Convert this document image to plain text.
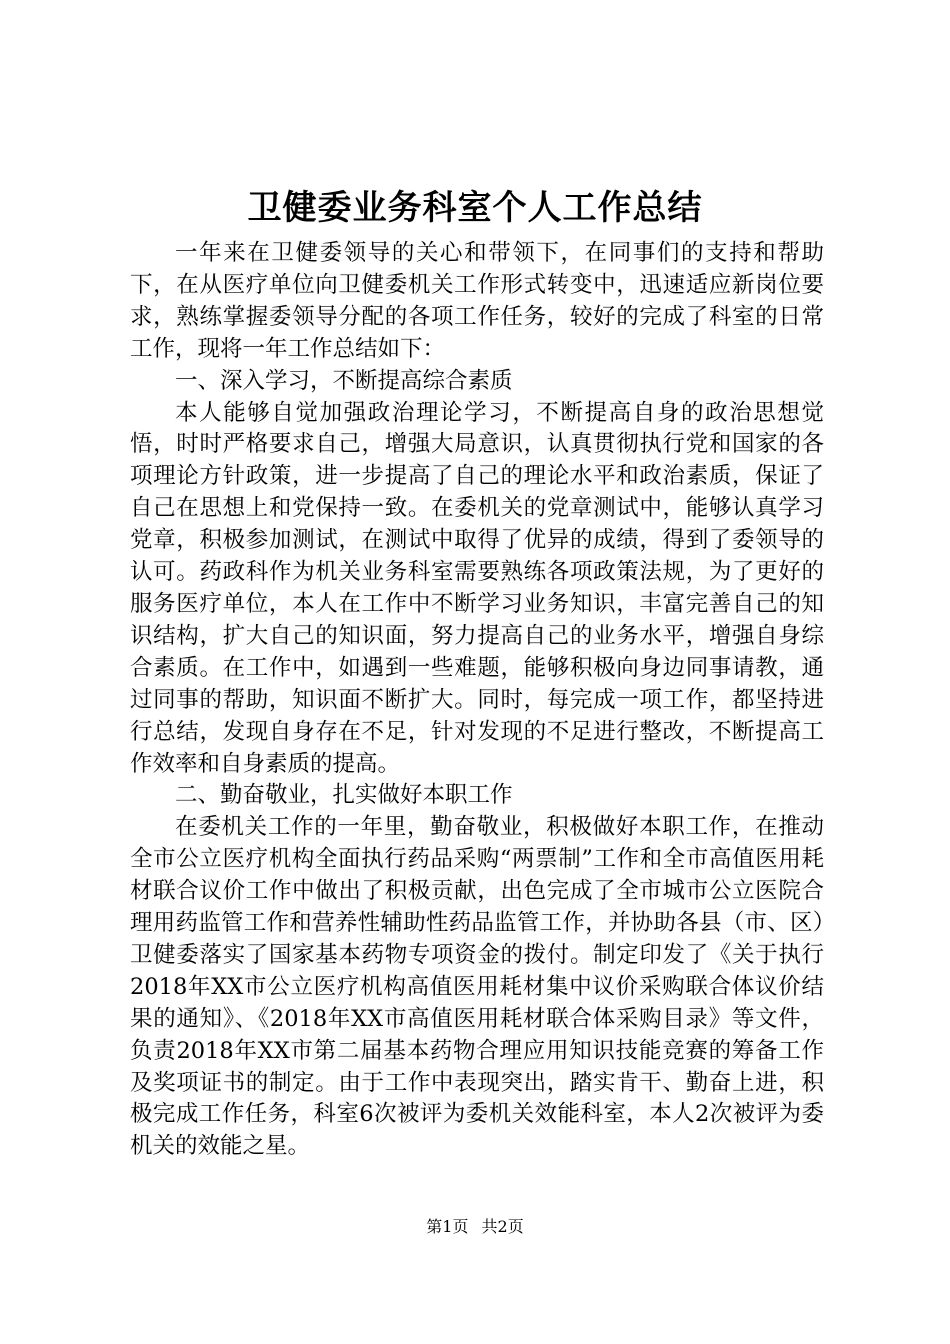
卫健委业务科室个人工作总结

一年来在卫健委领导的关心和带领下，在同事们的支持和帮助下，在从医疗单位向卫健委机关工作形式转变中，迅速适应新岗位要求，熟练掌握委领导分配的各项工作任务，较好的完成了科室的日常工作，现将一年工作总结如下：

一、深入学习，不断提高综合素质

本人能够自觉加强政治理论学习，不断提高自身的政治思想觉悟，时时严格要求自己，增强大局意识，认真贯彻执行党和国家的各项理论方针政策，进一步提高了自己的理论水平和政治素质，保证了自己在思想上和党保持一致。在委机关的党章测试中，能够认真学习党章，积极参加测试，在测试中取得了优异的成绩，得到了委领导的认可。药政科作为机关业务科室需要熟练各项政策法规，为了更好的服务医疗单位，本人在工作中不断学习业务知识，丰富完善自己的知识结构，扩大自己的知识面，努力提高自己的业务水平，增强自身综合素质。在工作中，如遇到一些难题，能够积极向身边同事请教，通过同事的帮助，知识面不断扩大。同时，每完成一项工作，都坚持进行总结，发现自身存在不足，针对发现的不足进行整改，不断提高工作效率和自身素质的提高。

二、勤奋敬业，扎实做好本职工作

在委机关工作的一年里，勤奋敬业，积极做好本职工作，在推动全市公立医疗机构全面执行药品采购“两票制”工作和全市高值医用耗材联合议价工作中做出了积极贡献，出色完成了全市城市公立医院合理用药监管工作和营养性辅助性药品监管工作，并协助各县（市、区）卫健委落实了国家基本药物专项资金的拨付。制定印发了《关于执行2018年XX市公立医疗机构高值医用耗材集中议价采购联合体议价结果的通知》、《2018年XX市高值医用耗材联合体采购目录》等文件，负责2018年XX市第二届基本药物合理应用知识技能竞赛的筹备工作及奖项证书的制定。由于工作中表现突出，踏实肯干、勤奋上进，积极完成工作任务，科室6次被评为委机关效能科室，本人2次被评为委机关的效能之星。

第1页 共2页
